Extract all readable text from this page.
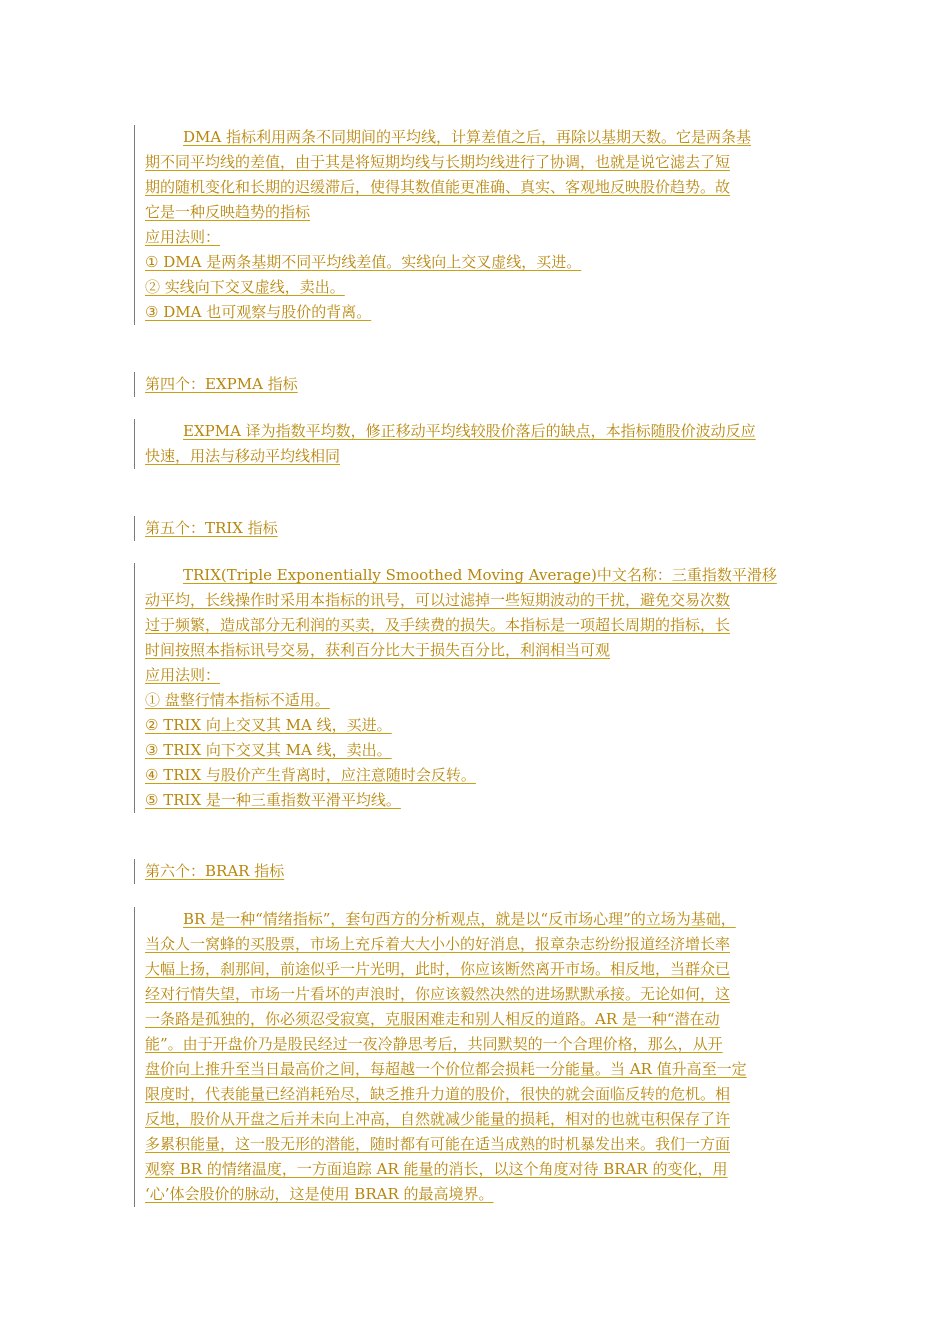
DMA 指标利用两条不同期间的平均线，计算差值之后，再除以基期天数。它是两条基
期不同平均线的差值，由于其是将短期均线与长期均线进行了协调，也就是说它滤去了短
期的随机变化和长期的迟缓滞后，使得其数值能更准确、真实、客观地反映股价趋势。故
它是一种反映趋势的指标
应用法则：
① DMA 是两条基期不同平均线差值。实线向上交叉虚线，买进。
② 实线向下交叉虚线，卖出。
③ DMA 也可观察与股价的背离。
第四个：EXPMA 指标
EXPMA 译为指数平均数，修正移动平均线较股价落后的缺点，本指标随股价波动反应
快速，用法与移动平均线相同
第五个：TRIX 指标
TRIX(Triple Exponentially Smoothed Moving Average)中文名称：三重指数平滑移
动平均，长线操作时采用本指标的讯号，可以过滤掉一些短期波动的干扰，避免交易次数
过于频繁，造成部分无利润的买卖，及手续费的损失。本指标是一项超长周期的指标，长
时间按照本指标讯号交易，获利百分比大于损失百分比，利润相当可观
应用法则：
① 盘整行情本指标不适用。
② TRIX 向上交叉其 MA 线，买进。
③ TRIX 向下交叉其 MA 线，卖出。
④ TRIX 与股价产生背离时，应注意随时会反转。
⑤ TRIX 是一种三重指数平滑平均线。
第六个：BRAR 指标
BR 是一种“情绪指标”，套句西方的分析观点，就是以“反市场心理”的立场为基础，
当众人一窝蜂的买股票，市场上充斥着大大小小的好消息，报章杂志纷纷报道经济增长率
大幅上扬，刹那间，前途似乎一片光明，此时，你应该断然离开市场。相反地，当群众已
经对行情失望，市场一片看坏的声浪时，你应该毅然决然的进场默默承接。无论如何，这
一条路是孤独的，你必须忍受寂寞，克服困难走和别人相反的道路。AR 是一种“潜在动
能”。由于开盘价乃是股民经过一夜冷静思考后，共同默契的一个合理价格，那么，从开
盘价向上推升至当日最高价之间，每超越一个价位都会损耗一分能量。当 AR 值升高至一定
限度时，代表能量已经消耗殆尽，缺乏推升力道的股价，很快的就会面临反转的危机。相
反地，股价从开盘之后并未向上冲高，自然就减少能量的损耗，相对的也就屯积保存了许
多累积能量，这一股无形的潜能，随时都有可能在适当成熟的时机暴发出来。我们一方面
观察 BR 的情绪温度，一方面追踪 AR 能量的消长，以这个角度对待 BRAR 的变化，用
‘心’体会股价的脉动，这是使用 BRAR 的最高境界。
